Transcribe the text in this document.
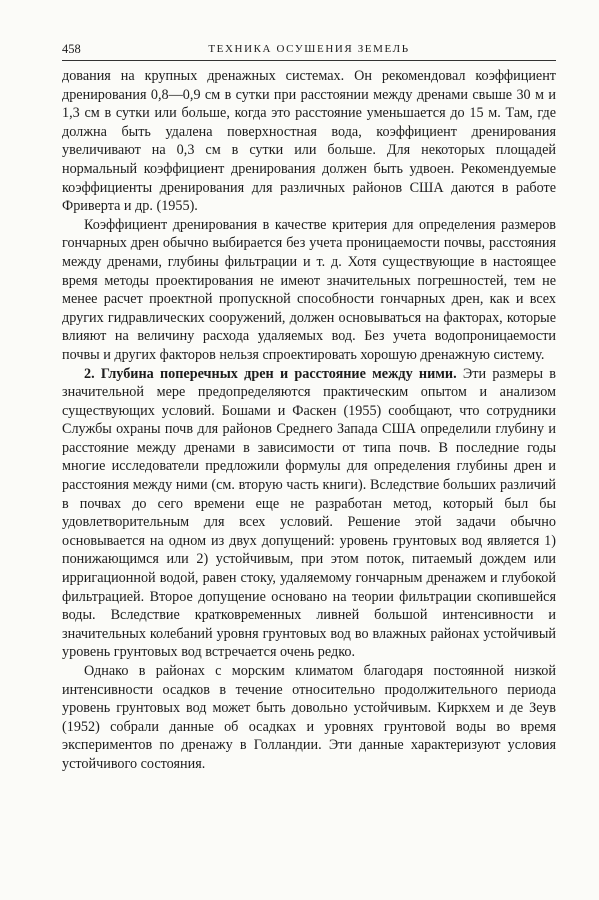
458	ТЕХНИКА ОСУШЕНИЯ ЗЕМЕЛЬ

дования на крупных дренажных системах. Он рекомендовал коэффициент дренирования 0,8—0,9 см в сутки при расстоянии между дренами свыше 30 м и 1,3 см в сутки или больше, когда это расстояние уменьшается до 15 м. Там, где должна быть удалена поверхностная вода, коэффициент дренирования увеличивают на 0,3 см в сутки или больше. Для некоторых площадей нормальный коэффициент дренирования должен быть удвоен. Рекомендуемые коэффициенты дренирования для различных районов США даются в работе Фриверта и др. (1955).

Коэффициент дренирования в качестве критерия для определения размеров гончарных дрен обычно выбирается без учета проницаемости почвы, расстояния между дренами, глубины фильтрации и т. д. Хотя существующие в настоящее время методы проектирования не имеют значительных погрешностей, тем не менее расчет проектной пропускной способности гончарных дрен, как и всех других гидравлических сооружений, должен основываться на факторах, которые влияют на величину расхода удаляемых вод. Без учета водопроницаемости почвы и других факторов нельзя спроектировать хорошую дренажную систему.

2. Глубина поперечных дрен и расстояние между ними. Эти размеры в значительной мере предопределяются практическим опытом и анализом существующих условий. Бошами и Фаскен (1955) сообщают, что сотрудники Службы охраны почв для районов Среднего Запада США определили глубину и расстояние между дренами в зависимости от типа почв. В последние годы многие исследователи предложили формулы для определения глубины дрен и расстояния между ними (см. вторую часть книги). Вследствие больших различий в почвах до сего времени еще не разработан метод, который был бы удовлетворительным для всех условий. Решение этой задачи обычно основывается на одном из двух допущений: уровень грунтовых вод является 1) понижающимся или 2) устойчивым, при этом поток, питаемый дождем или ирригационной водой, равен стоку, удаляемому гончарным дренажем и глубокой фильтрацией. Второе допущение основано на теории фильтрации скопившейся воды. Вследствие кратковременных ливней большой интенсивности и значительных колебаний уровня грунтовых вод во влажных районах устойчивый уровень грунтовых вод встречается очень редко.

Однако в районах с морским климатом благодаря постоянной низкой интенсивности осадков в течение относительно продолжительного периода уровень грунтовых вод может быть довольно устойчивым. Киркхем и де Зеув (1952) собрали данные об осадках и уровнях грунтовой воды во время экспериментов по дренажу в Голландии. Эти данные характеризуют условия устойчивого состояния.
